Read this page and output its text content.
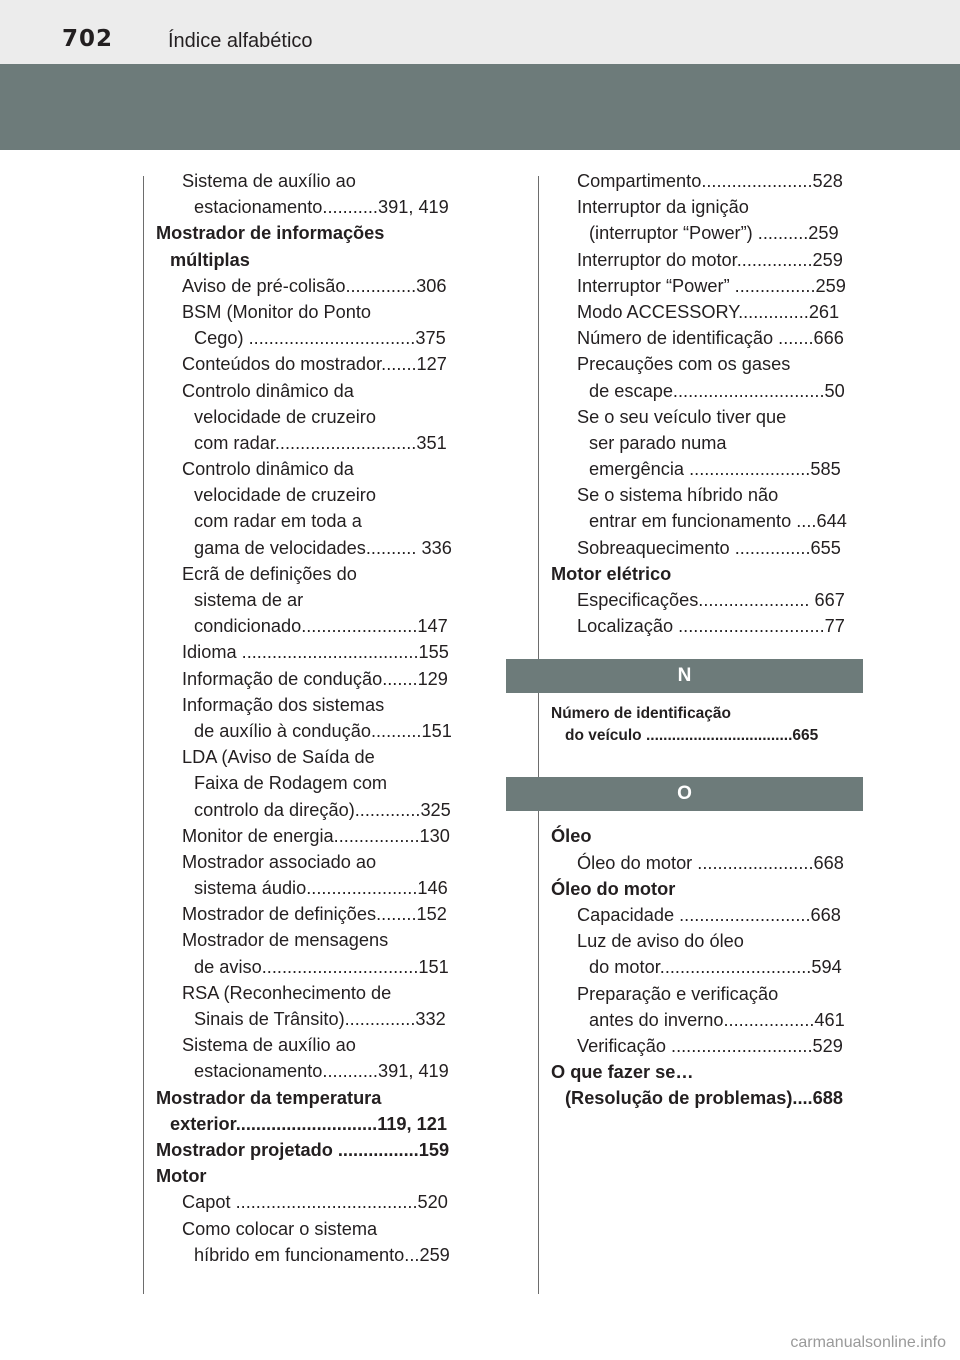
702	Índice alfabético
Sistema de auxílio ao
estacionamento...........391, 419
Mostrador de informações
múltiplas
Aviso de pré-colisão..............306
BSM (Monitor do Ponto
Cego) .................................375
Conteúdos do mostrador.......127
Controlo dinâmico da
velocidade de cruzeiro
com radar............................351
Controlo dinâmico da
velocidade de cruzeiro
com radar em toda a
gama de velocidades.......... 336
Ecrã de definições do
sistema de ar
condicionado.......................147
Idioma ...................................155
Informação de condução.......129
Informação dos sistemas
de auxílio à condução..........151
LDA (Aviso de Saída de
Faixa de Rodagem com
controlo da direção).............325
Monitor de energia.................130
Mostrador associado ao
sistema áudio......................146
Mostrador de definições........152
Mostrador de mensagens
de aviso...............................151
RSA (Reconhecimento de
Sinais de Trânsito)..............332
Sistema de auxílio ao
estacionamento...........391, 419
Mostrador da temperatura
exterior............................119, 121
Mostrador projetado ................159
Motor
Capot ....................................520
Como colocar o sistema
híbrido em funcionamento...259
Compartimento......................528
Interruptor da ignição
(interruptor “Power”) ..........259
Interruptor do motor...............259
Interruptor “Power” ................259
Modo ACCESSORY..............261
Número de identificação .......666
Precauções com os gases
de escape..............................50
Se o seu veículo tiver que
ser parado numa
emergência ........................585
Se o sistema híbrido não
entrar em funcionamento ....644
Sobreaquecimento ...............655
Motor elétrico
Especificações...................... 667
Localização .............................77
N
Número de identificação
do veículo ..................................665
O
Óleo
Óleo do motor .......................668
Óleo do motor
Capacidade ..........................668
Luz de aviso do óleo
do motor..............................594
Preparação e verificação
antes do inverno..................461
Verificação ............................529
O que fazer se…
(Resolução de problemas)....688
carmanualsonline.info
